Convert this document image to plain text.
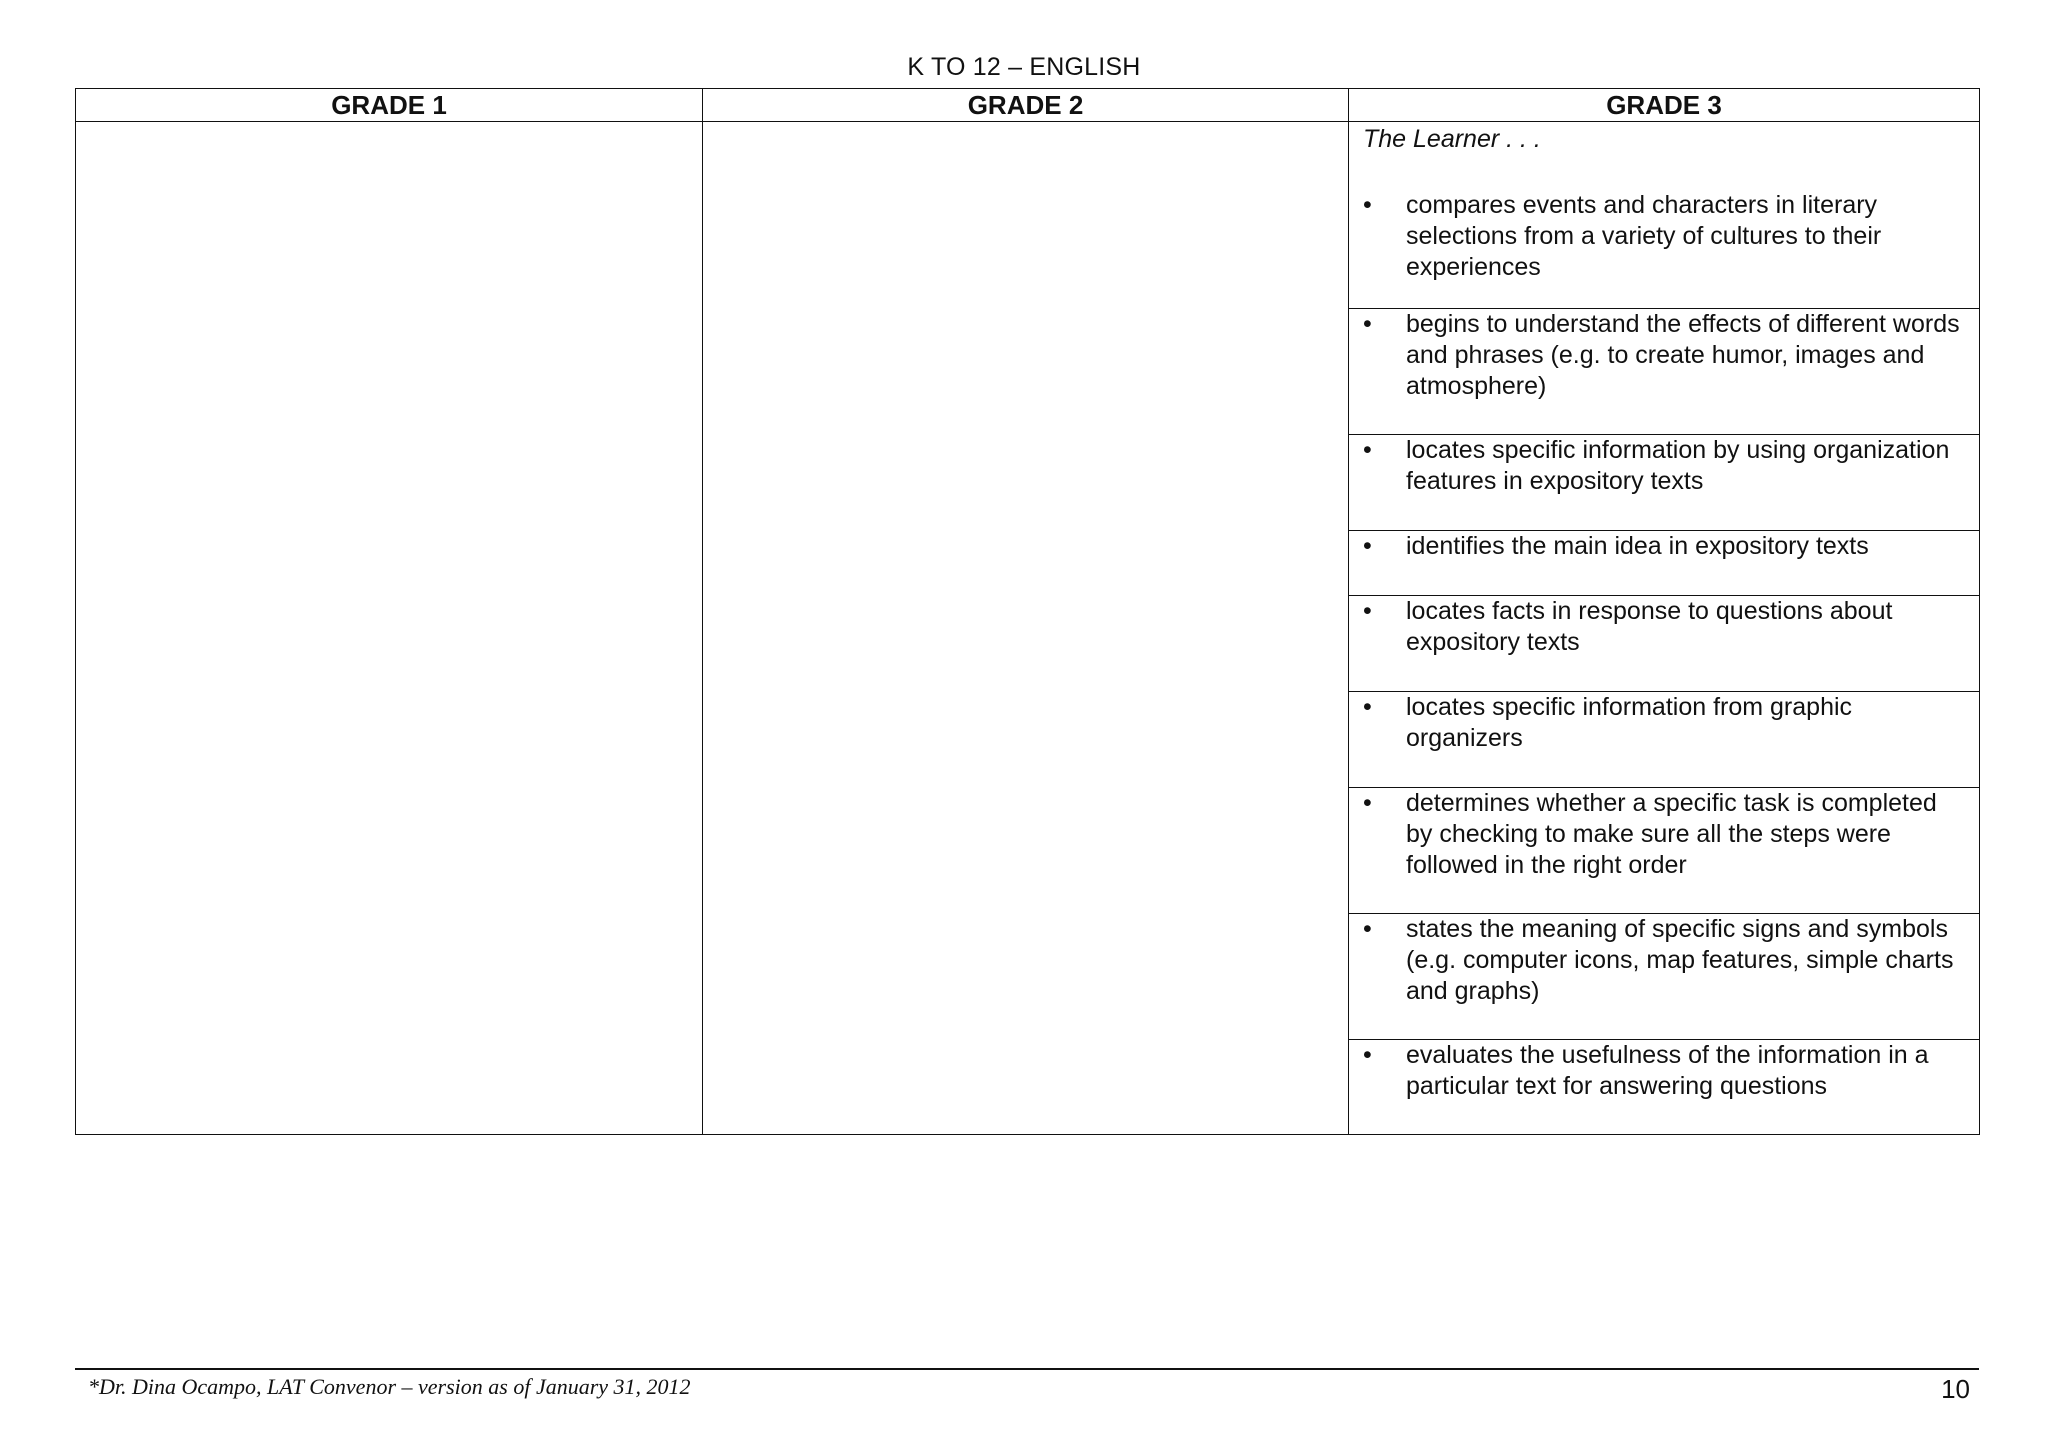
K TO 12 – ENGLISH
GRADE 1	GRADE 2	GRADE 3

		The Learner . . .
• compares events and characters in literary selections from a variety of cultures to their experiences

		• begins to understand the effects of different words and phrases (e.g. to create humor, images and atmosphere)

		• locates specific information by using organization features in expository texts

		• identifies the main idea in expository texts

		• locates facts in response to questions about expository texts

		• locates specific information from graphic organizers

		• determines whether a specific task is completed by checking to make sure all the steps were followed in the right order

		• states the meaning of specific signs and symbols (e.g. computer icons, map features, simple charts and graphs)

		• evaluates the usefulness of the information in a particular text for answering questions
*Dr. Dina Ocampo, LAT Convenor – version as of January 31, 2012	10
